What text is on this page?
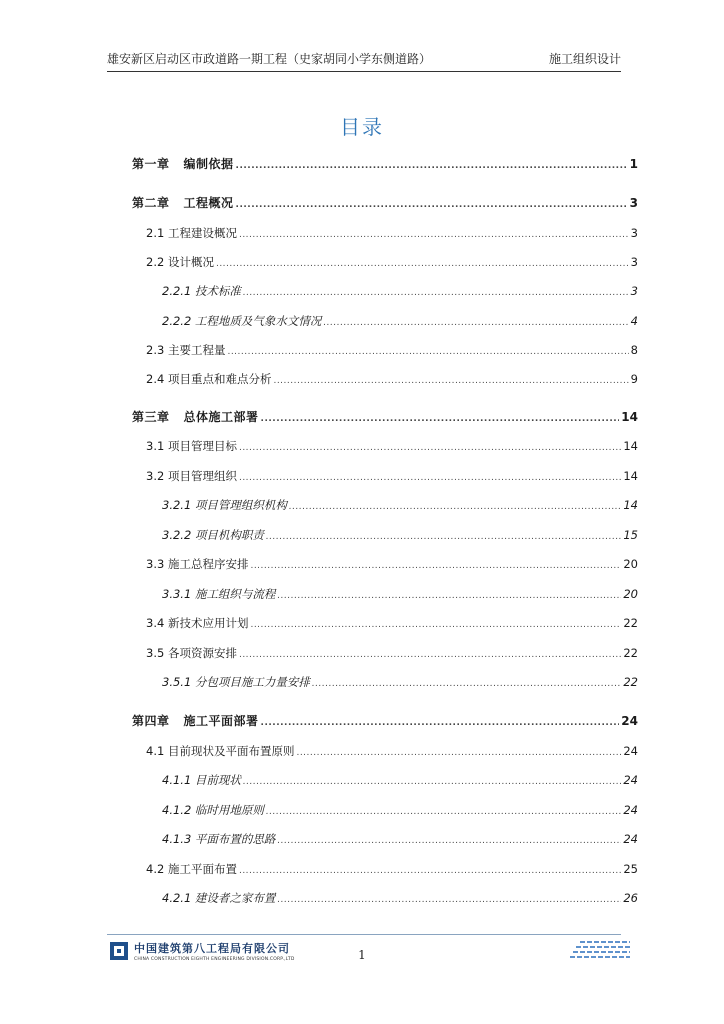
雄安新区启动区市政道路一期工程（史家胡同小学东侧道路）	施工组织设计
目录
第一章 编制依据 .....	1
第二章 工程概况 .....	3
2.1 工程建设概况 .....	3
2.2 设计概况 .....	3
2.2.1 技术标准 .....	3
2.2.2 工程地质及气象水文情况 .....	4
2.3 主要工程量 .....	8
2.4 项目重点和难点分析 .....	9
第三章 总体施工部署 .....	14
3.1 项目管理目标 .....	14
3.2 项目管理组织 .....	14
3.2.1 项目管理组织机构 .....	14
3.2.2 项目机构职责 .....	15
3.3 施工总程序安排 .....	20
3.3.1 施工组织与流程 .....	20
3.4 新技术应用计划 .....	22
3.5 各项资源安排 .....	22
3.5.1 分包项目施工力量安排 .....	22
第四章 施工平面部署 .....	24
4.1 目前现状及平面布置原则 .....	24
4.1.1 目前现状 .....	24
4.1.2 临时用地原则 .....	24
4.1.3 平面布置的思路 .....	24
4.2 施工平面布置 .....	25
4.2.1 建设者之家布置 .....	26
中国建筑第八工程局有限公司
CHINA CONSTRUCTION EIGHTH ENGINEERING DIVISION.CORP.,LTD	1
